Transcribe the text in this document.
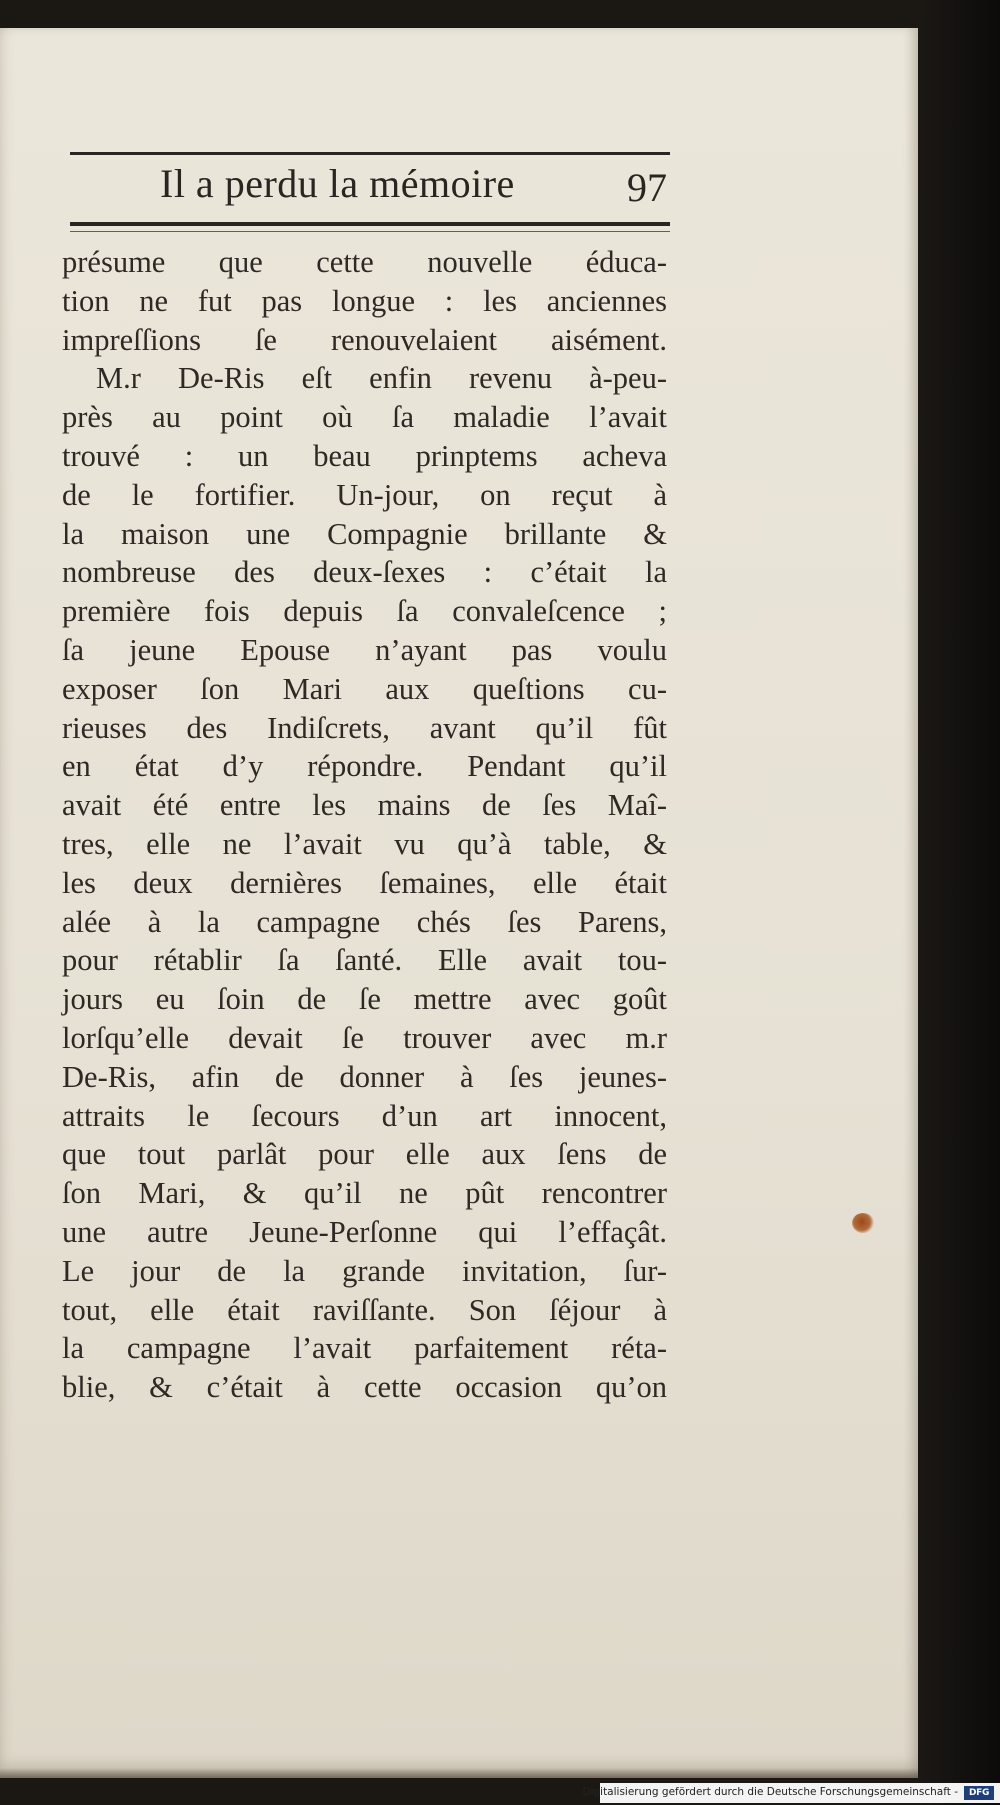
Il a perdu la mémoire	97
présume que cette nouvelle éduca-
tion ne fut pas longue : les anciennes
impreſſions ſe renouvelaient aisément.
M.r De-Ris eſt enfin revenu à-peu-
près au point où ſa maladie l’avait
trouvé : un beau prinptems acheva
de le fortifier. Un-jour, on reçut à
la maison une Compagnie brillante &
nombreuse des deux-ſexes : c’était la
première fois depuis ſa convaleſcence ;
ſa jeune Epouse n’ayant pas voulu
exposer ſon Mari aux queſtions cu-
rieuses des Indiſcrets, avant qu’il fût
en état d’y répondre. Pendant qu’il
avait été entre les mains de ſes Maî-
tres, elle ne l’avait vu qu’à table, &
les deux dernières ſemaines, elle était
alée à la campagne chés ſes Parens,
pour rétablir ſa ſanté. Elle avait tou-
jours eu ſoin de ſe mettre avec goût
lorſqu’elle devait ſe trouver avec m.r
De-Ris, afin de donner à ſes jeunes-
attraits le ſecours d’un art innocent,
que tout parlât pour elle aux ſens de
ſon Mari, & qu’il ne pût rencontrer
une autre Jeune-Perſonne qui l’effaçât.
Le jour de la grande invitation, ſur-
tout, elle était raviſſante. Son ſéjour à
la campagne l’avait parfaitement réta-
blie, & c’était à cette occasion qu’on
Digitalisierung gefördert durch die Deutsche Forschungsgemeinschaft -	DFG
